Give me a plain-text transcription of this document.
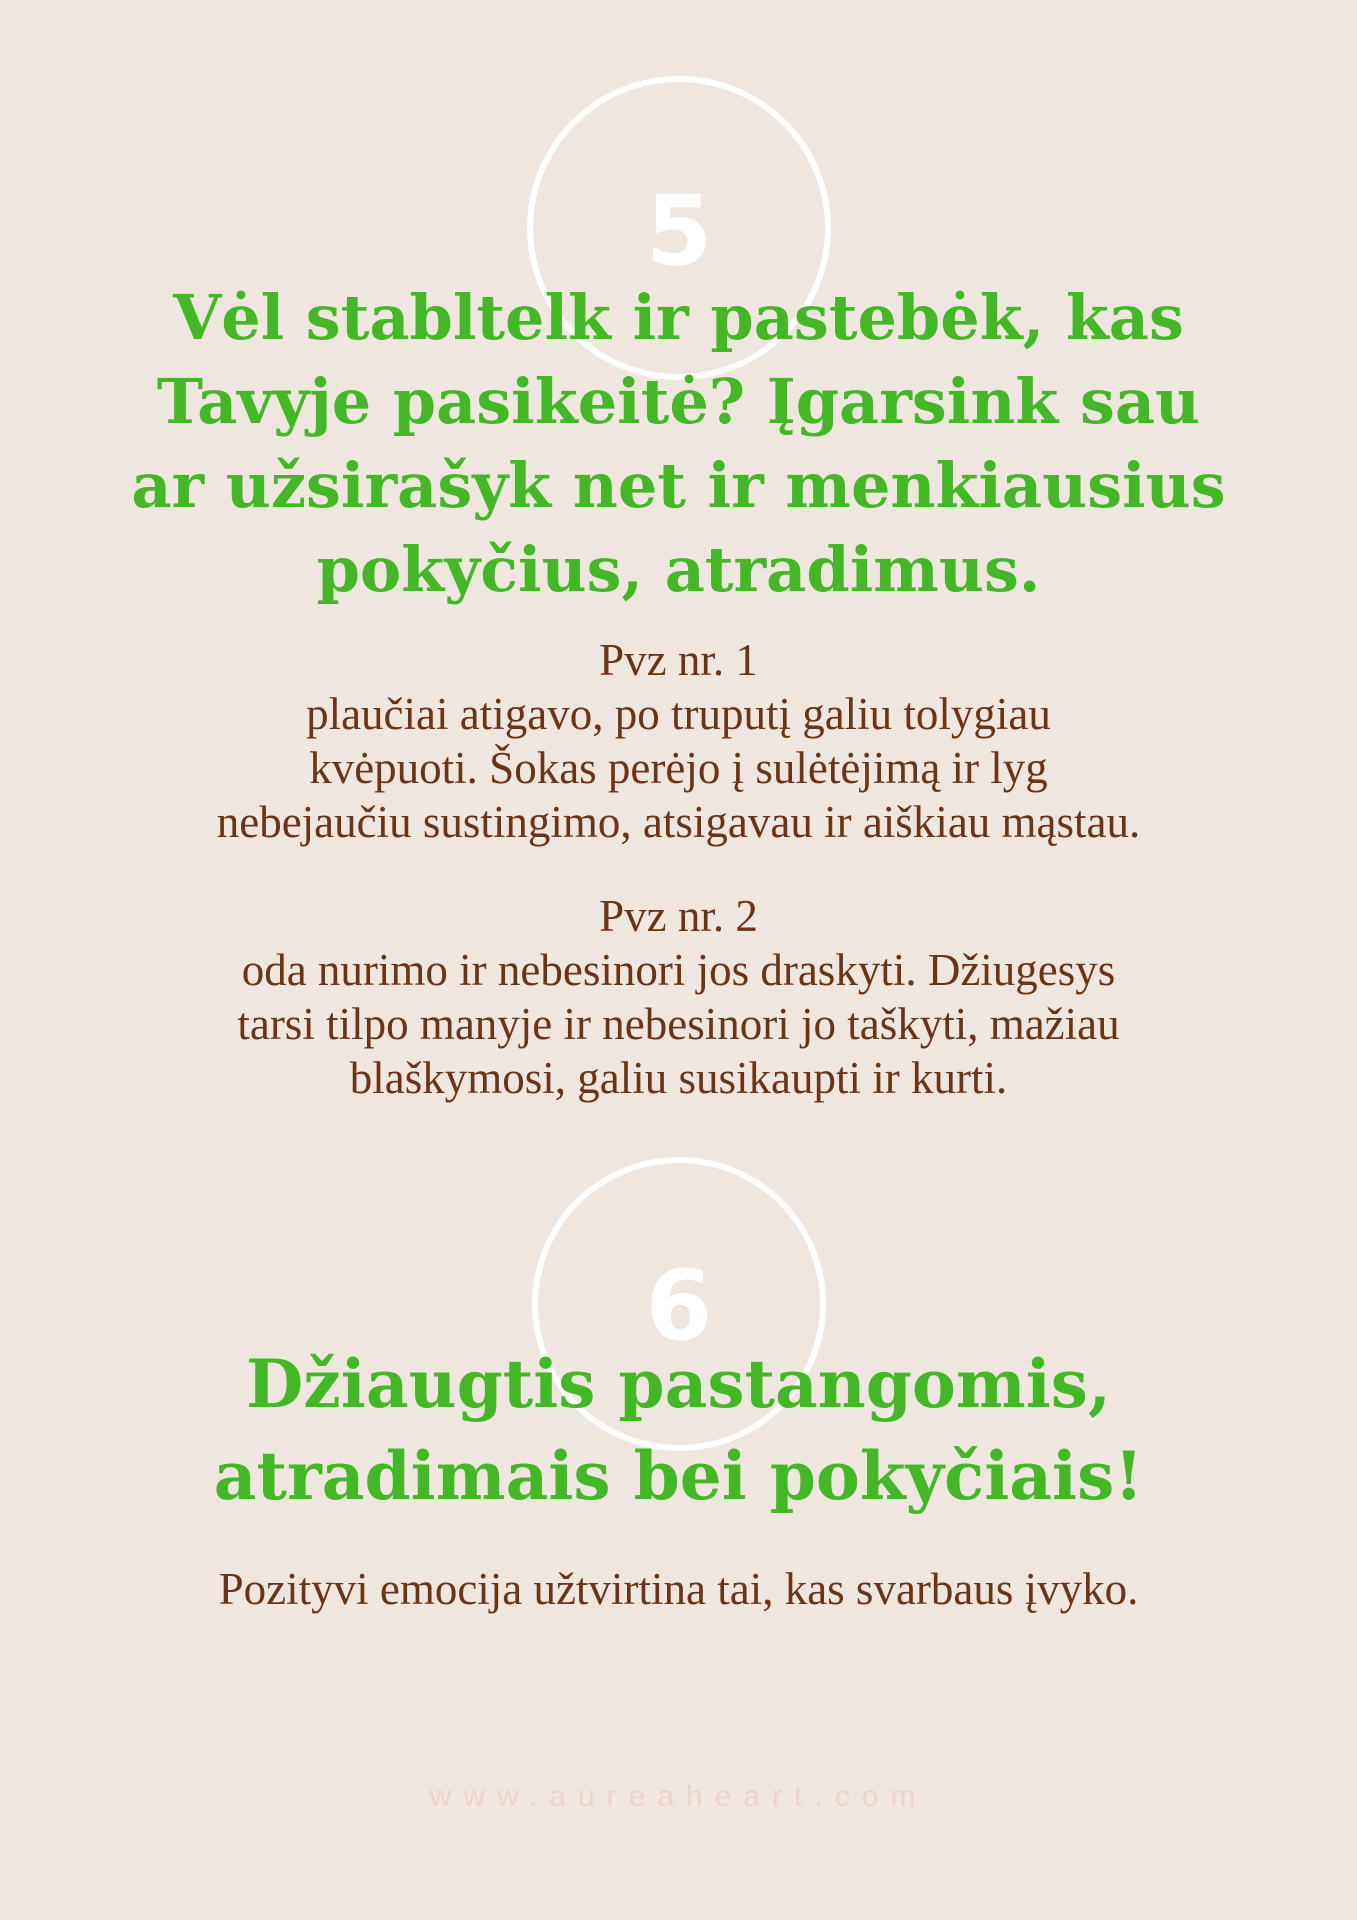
5
Vėl stabltelk ir pastebėk, kas
Tavyje pasikeitė? Įgarsink sau
ar užsirašyk net ir menkiausius
pokyčius, atradimus.
Pvz nr. 1
plaučiai atigavo, po truputį galiu tolygiau
kvėpuoti. Šokas perėjo į sulėtėjimą ir lyg
nebejaučiu sustingimo, atsigavau ir aiškiau mąstau.
Pvz nr. 2
oda nurimo ir nebesinori jos draskyti. Džiugesys
tarsi tilpo manyje ir nebesinori jo taškyti, mažiau
blaškymosi, galiu susikaupti ir kurti.
6
Džiaugtis pastangomis,
atradimais bei pokyčiais!
Pozityvi emocija užtvirtina tai, kas svarbaus įvyko.
www.aureaheart.com
